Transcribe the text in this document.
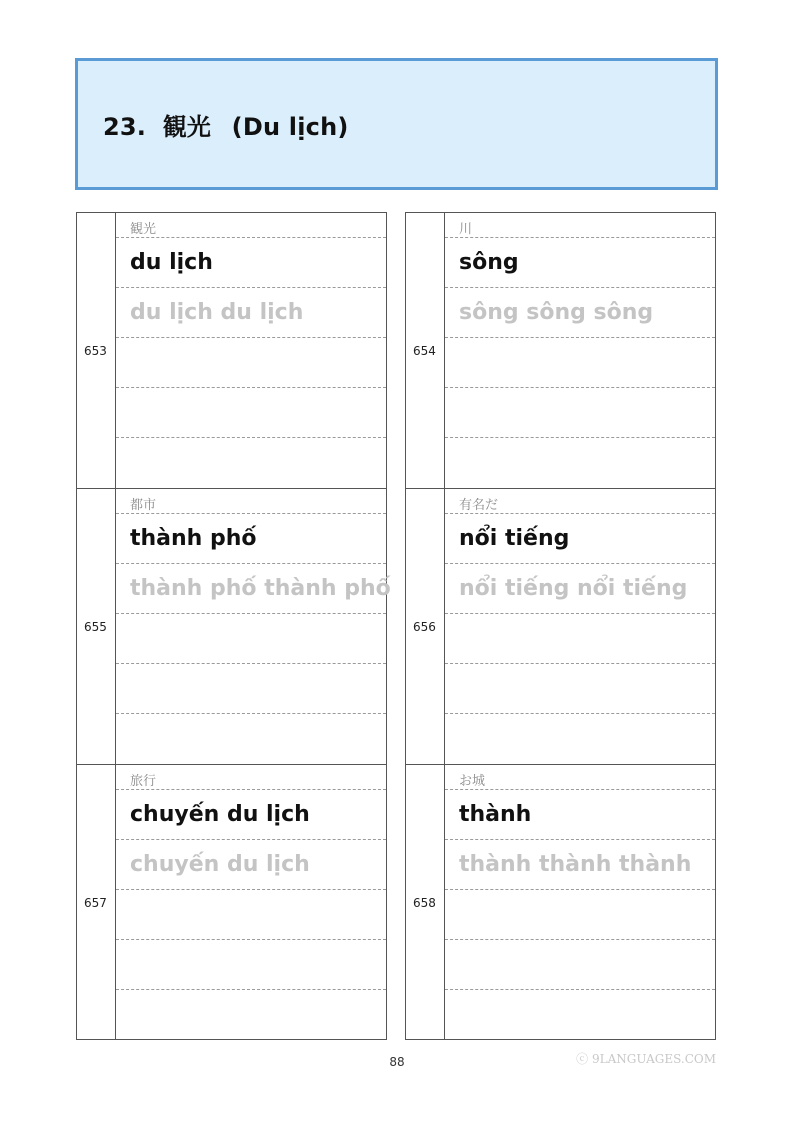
23. 観光 (Du lịch)
653
観光
du lịch
du lịch du lịch
655
都市
thành phố
thành phố thành phố
657
旅行
chuyến du lịch
chuyến du lịch
654
川
sông
sông sông sông
656
有名だ
nổi tiếng
nổi tiếng nổi tiếng
658
お城
thành
thành thành thành
88	ⓒ 9LANGUAGES.COM
